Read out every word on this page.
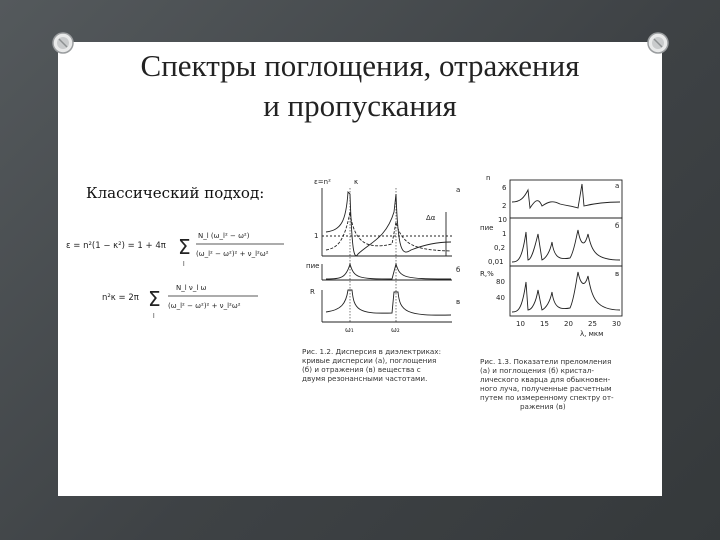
Спектры поглощения, отражения
и пропускания
Классический подход:
ε = n²(1 − κ²) = 1 + 4π Σ
l
N_l (ω_l² − ω²)
(ω_l² − ω²)² + ν_l²ω²
n²κ = 2π Σ
l
N_l ν_l ω
(ω_l² − ω²)² + ν_l²ω²
ε=n²	κ
а
Δα
1
пие	б
R
в
ω₁	ω₂
Рис. 1.2. Дисперсия в диэлектриках:
кривые дисперсии (а), поглощения
(б) и отражения (в) вещества с
двумя резонансными частотами.
n
а
6
2
10
пие	б
1
0,2
0,01
R,%	в
80
40
10 15 20 25 30
λ, мкм
Рис. 1.3. Показатели преломления
(а) и поглощения (б) кристал-
лического кварца для обыкновен-
ного луча, полученные расчетным
путем по измеренному спектру от-
ражения (в)
